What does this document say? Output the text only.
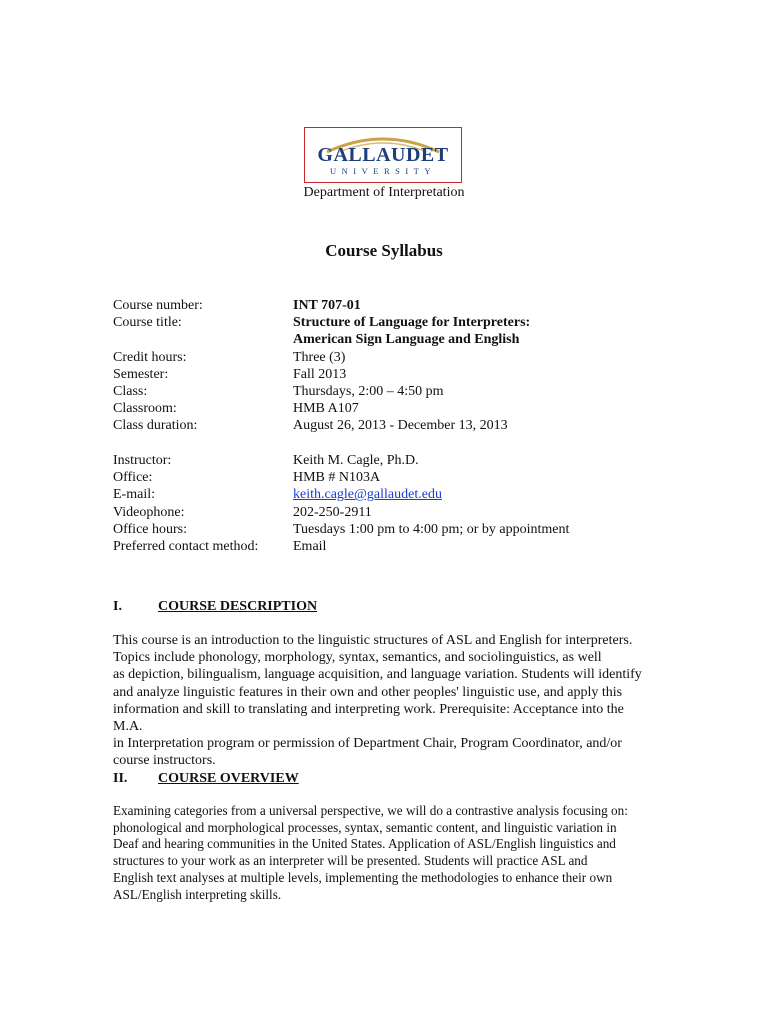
GALLAUDET
UNIVERSITY
Department of Interpretation
Course Syllabus
Course number:	INT 707-01
Course title:	Structure of Language for Interpreters:
American Sign Language and English
Credit hours:	Three (3)
Semester:	Fall 2013
Class:	Thursdays, 2:00 – 4:50 pm
Classroom:	HMB A107
Class duration:	August 26, 2013 - December 13, 2013
Instructor:	Keith M. Cagle, Ph.D.
Office:	HMB # N103A
E-mail:	keith.cagle@gallaudet.edu
Videophone:	202-250-2911
Office hours:	Tuesdays 1:00 pm to 4:00 pm; or by appointment
Preferred contact method:	Email
I.	COURSE DESCRIPTION
This course is an introduction to the linguistic structures of ASL and English for interpreters.
Topics include phonology, morphology, syntax, semantics, and sociolinguistics, as well
as depiction, bilingualism, language acquisition, and language variation. Students will identify
and analyze linguistic features in their own and other peoples' linguistic use, and apply this
information and skill to translating and interpreting work. Prerequisite: Acceptance into the M.A.
in Interpretation program or permission of Department Chair, Program Coordinator, and/or
course instructors.
II. COURSE OVERVIEW
Examining categories from a universal perspective, we will do a contrastive analysis focusing on:
phonological and morphological processes, syntax, semantic content, and linguistic variation in
Deaf and hearing communities in the United States. Application of ASL/English linguistics and
structures to your work as an interpreter will be presented. Students will practice ASL and
English text analyses at multiple levels, implementing the methodologies to enhance their own
ASL/English interpreting skills.
